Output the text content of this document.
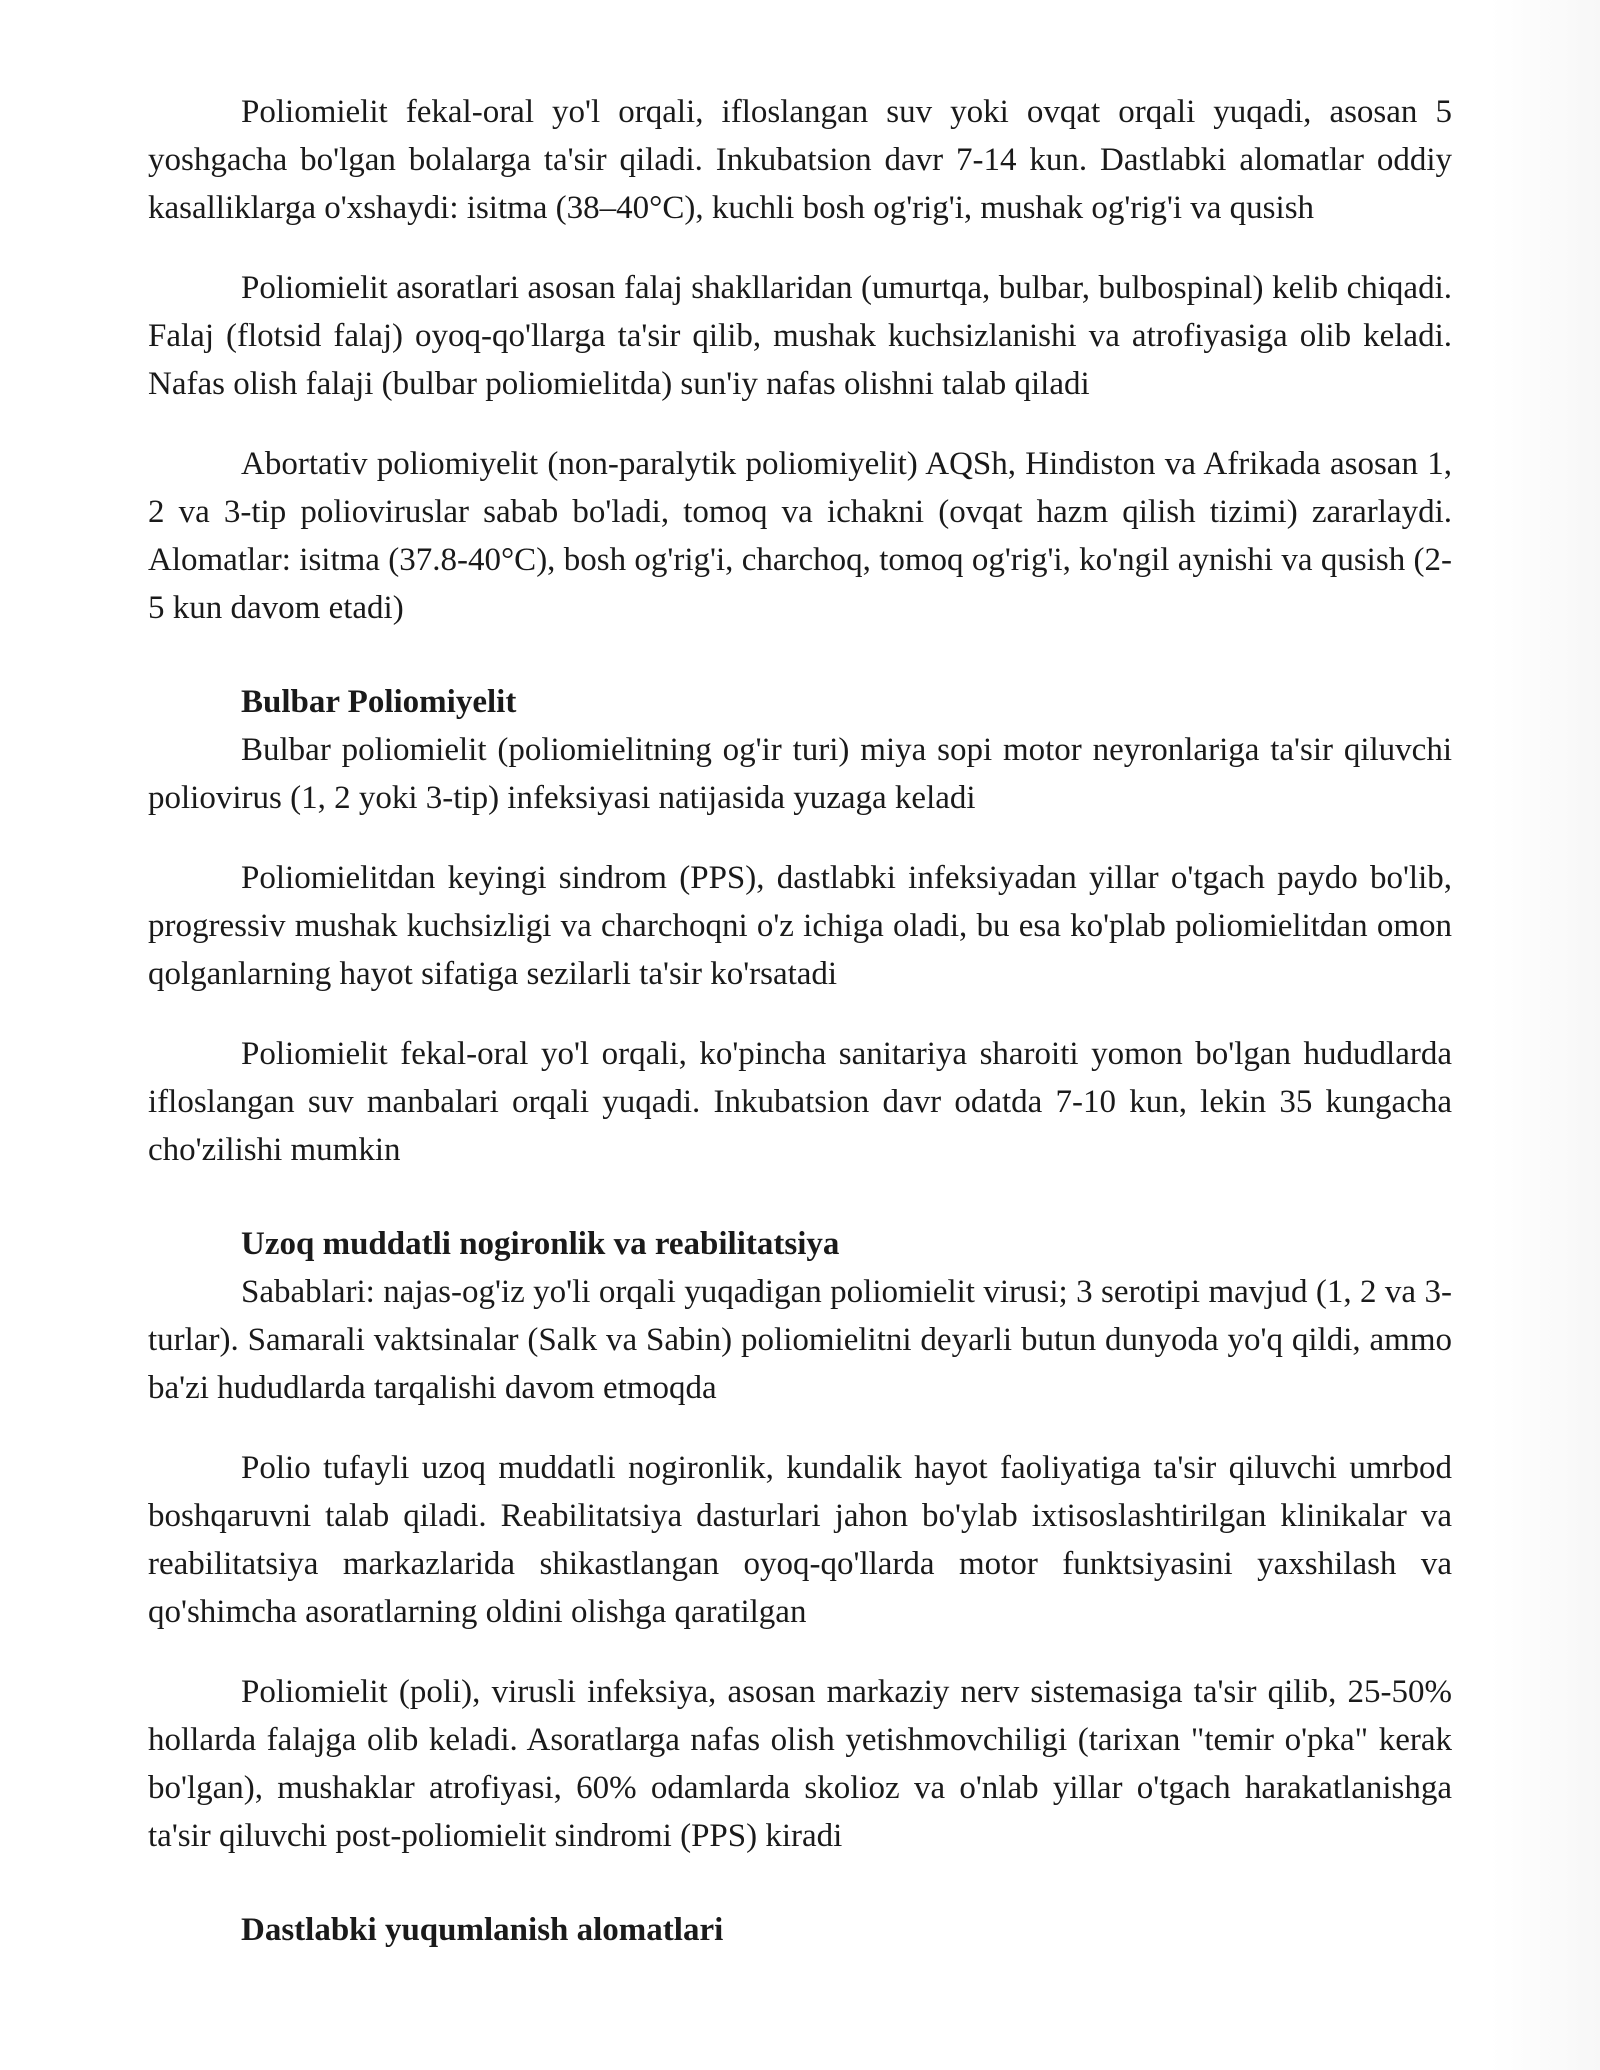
Poliomielit fekal-oral yo'l orqali, ifloslangan suv yoki ovqat orqali yuqadi, asosan 5 yoshgacha bo'lgan bolalarga ta'sir qiladi. Inkubatsion davr 7-14 kun. Dastlabki alomatlar oddiy kasalliklarga o'xshaydi: isitma (38–40°C), kuchli bosh og'rig'i, mushak og'rig'i va qusish

Poliomielit asoratlari asosan falaj shakllaridan (umurtqa, bulbar, bulbospinal) kelib chiqadi. Falaj (flotsid falaj) oyoq-qo'llarga ta'sir qilib, mushak kuchsizlanishi va atrofiyasiga olib keladi. Nafas olish falaji (bulbar poliomielitda) sun'iy nafas olishni talab qiladi

Abortativ poliomiyelit (non-paralytik poliomiyelit) AQSh, Hindiston va Afrikada asosan 1, 2 va 3-tip polioviruslar sabab bo'ladi, tomoq va ichakni (ovqat hazm qilish tizimi) zararlaydi. Alomatlar: isitma (37.8-40°C), bosh og'rig'i, charchoq, tomoq og'rig'i, ko'ngil aynishi va qusish (2-5 kun davom etadi)

Bulbar Poliomiyelit

Bulbar poliomielit (poliomielitning og'ir turi) miya sopi motor neyronlariga ta'sir qiluvchi poliovirus (1, 2 yoki 3-tip) infeksiyasi natijasida yuzaga keladi

Poliomielitdan keyingi sindrom (PPS), dastlabki infeksiyadan yillar o'tgach paydo bo'lib, progressiv mushak kuchsizligi va charchoqni o'z ichiga oladi, bu esa ko'plab poliomielitdan omon qolganlarning hayot sifatiga sezilarli ta'sir ko'rsatadi

Poliomielit fekal-oral yo'l orqali, ko'pincha sanitariya sharoiti yomon bo'lgan hududlarda ifloslangan suv manbalari orqali yuqadi. Inkubatsion davr odatda 7-10 kun, lekin 35 kungacha cho'zilishi mumkin

Uzoq muddatli nogironlik va reabilitatsiya

Sabablari: najas-og'iz yo'li orqali yuqadigan poliomielit virusi; 3 serotipi mavjud (1, 2 va 3-turlar). Samarali vaktsinalar (Salk va Sabin) poliomielitni deyarli butun dunyoda yo'q qildi, ammo ba'zi hududlarda tarqalishi davom etmoqda

Polio tufayli uzoq muddatli nogironlik, kundalik hayot faoliyatiga ta'sir qiluvchi umrbod boshqaruvni talab qiladi. Reabilitatsiya dasturlari jahon bo'ylab ixtisoslashtirilgan klinikalar va reabilitatsiya markazlarida shikastlangan oyoq-qo'llarda motor funktsiyasini yaxshilash va qo'shimcha asoratlarning oldini olishga qaratilgan

Poliomielit (poli), virusli infeksiya, asosan markaziy nerv sistemasiga ta'sir qilib, 25-50% hollarda falajga olib keladi. Asoratlarga nafas olish yetishmovchiligi (tarixan "temir o'pka" kerak bo'lgan), mushaklar atrofiyasi, 60% odamlarda skolioz va o'nlab yillar o'tgach harakatlanishga ta'sir qiluvchi post-poliomielit sindromi (PPS) kiradi

Dastlabki yuqumlanish alomatlari
